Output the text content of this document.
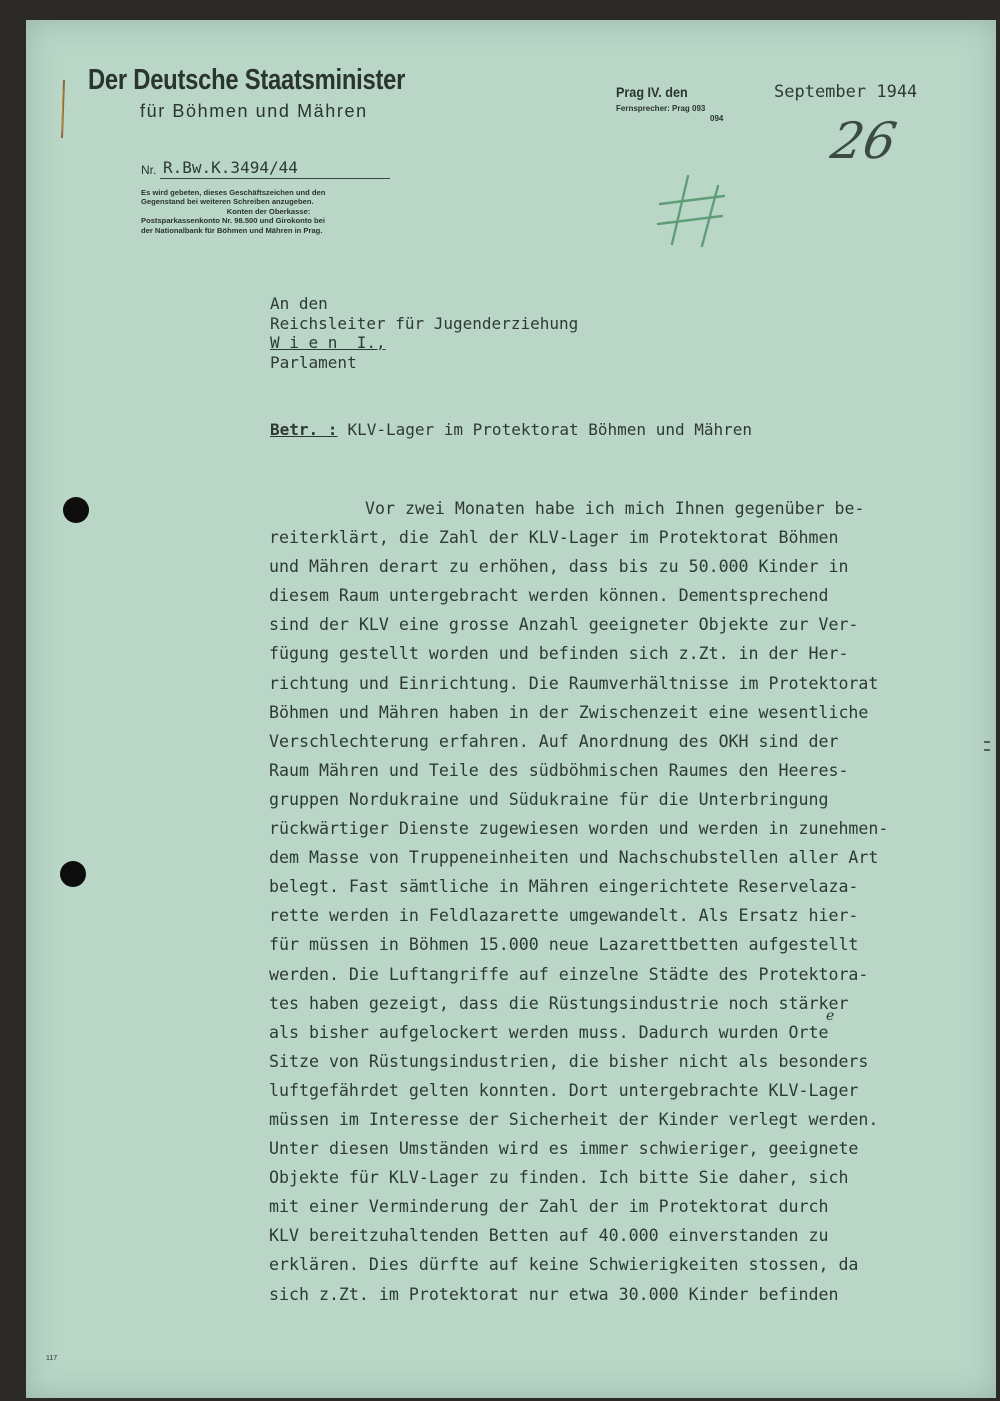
Der Deutsche Staatsminister
für Böhmen und Mähren
Nr. R.Bw.K.3494/44
Es wird gebeten, dieses Geschäftszeichen und den
Gegenstand bei weiteren Schreiben anzugeben.
Konten der Oberkasse:
Postsparkassenkonto Nr. 98.500 und Girokonto bei
der Nationalbank für Böhmen und Mähren in Prag.
Prag IV. den
Fernsprecher: Prag 093
094
September 1944
An den
Reichsleiter für Jugenderziehung
W i e n  I.,
Parlament
Betr. : KLV-Lager im Protektorat Böhmen und Mähren
Vor zwei Monaten habe ich mich Ihnen gegenüber be-
reiterklärt, die Zahl der KLV-Lager im Protektorat Böhmen
und Mähren derart zu erhöhen, dass bis zu 50.000 Kinder in
diesem Raum untergebracht werden können. Dementsprechend
sind der KLV eine grosse Anzahl geeigneter Objekte zur Ver-
fügung gestellt worden und befinden sich z.Zt. in der Her-
richtung und Einrichtung. Die Raumverhältnisse im Protektorat
Böhmen und Mähren haben in der Zwischenzeit eine wesentliche
Verschlechterung erfahren. Auf Anordnung des OKH sind der
Raum Mähren und Teile des südböhmischen Raumes den Heeres-
gruppen Nordukraine und Südukraine für die Unterbringung
rückwärtiger Dienste zugewiesen worden und werden in zunehmen-
dem Masse von Truppeneinheiten und Nachschubstellen aller Art
belegt. Fast sämtliche in Mähren eingerichtete Reservelaza-
rette werden in Feldlazarette umgewandelt. Als Ersatz hier-
für müssen in Böhmen 15.000 neue Lazarettbetten aufgestellt
werden. Die Luftangriffe auf einzelne Städte des Protektora-
tes haben gezeigt, dass die Rüstungsindustrie noch stärker
als bisher aufgelockert werden muss. Dadurch wurden Orte
Sitze von Rüstungsindustrien, die bisher nicht als besonders
luftgefährdet gelten konnten. Dort untergebrachte KLV-Lager
müssen im Interesse der Sicherheit der Kinder verlegt werden.
Unter diesen Umständen wird es immer schwieriger, geeignete
Objekte für KLV-Lager zu finden. Ich bitte Sie daher, sich
mit einer Verminderung der Zahl der im Protektorat durch
KLV bereitzuhaltenden Betten auf 40.000 einverstanden zu
erklären. Dies dürfte auf keine Schwierigkeiten stossen, da
sich z.Zt. im Protektorat nur etwa 30.000 Kinder befinden
26
e
117
